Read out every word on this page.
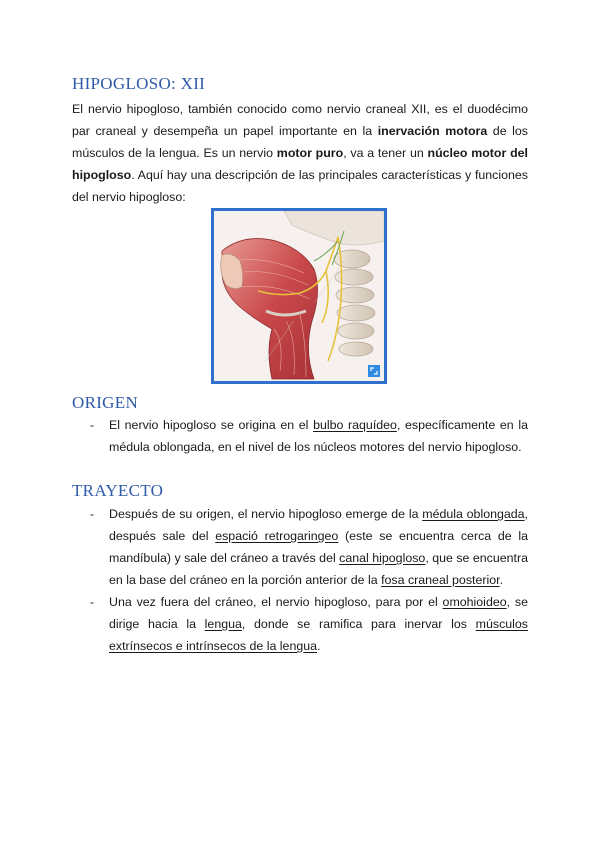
HIPOGLOSO: XII

El nervio hipogloso, también conocido como nervio craneal XII, es el duodécimo par craneal y desempeña un papel importante en la inervación motora de los músculos de la lengua. Es un nervio motor puro, va a tener un núcleo motor del hipogloso. Aquí hay una descripción de las principales características y funciones del nervio hipogloso:

ORIGEN
- El nervio hipogloso se origina en el bulbo raquídeo, específicamente en la médula oblongada, en el nivel de los núcleos motores del nervio hipogloso.
TRAYECTO
- Después de su origen, el nervio hipogloso emerge de la médula oblongada, después sale del espació retrogaringeo (este se encuentra cerca de la mandíbula) y sale del cráneo a través del canal hipogloso, que se encuentra en la base del cráneo en la porción anterior de la fosa craneal posterior.
- Una vez fuera del cráneo, el nervio hipogloso, para por el omohioideo, se dirige hacia la lengua, donde se ramifica para inervar los músculos extrínsecos e intrínsecos de la lengua.
